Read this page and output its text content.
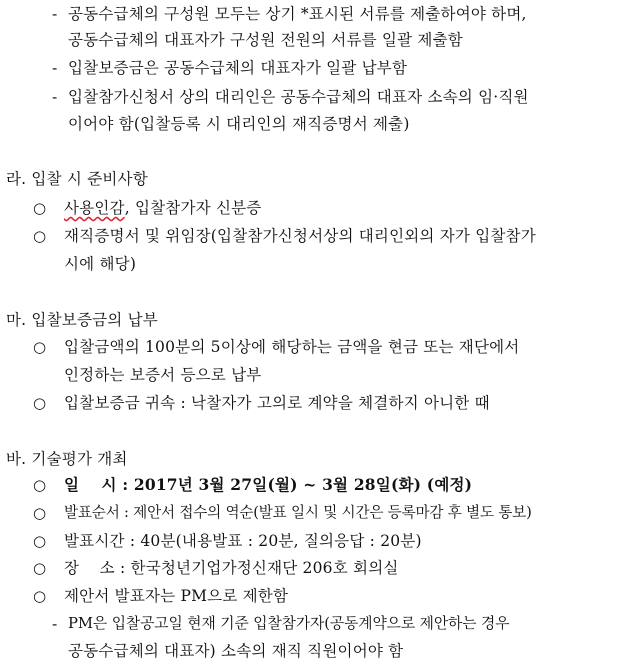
- 공동수급체의 구성원 모두는 상기 *표시된 서류를 제출하여야 하며,
공동수급체의 대표자가 구성원 전원의 서류를 일괄 제출함
- 입찰보증금은 공동수급체의 대표자가 일괄 납부함
- 입찰참가신청서 상의 대리인은 공동수급체의 대표자 소속의 임·직원
이어야 함(입찰등록 시 대리인의 재직증명서 제출)
라. 입찰 시 준비사항
○ 사용인감, 입찰참가자 신분증
○ 재직증명서 및 위임장(입찰참가신청서상의 대리인외의 자가 입찰참가
시에 해당)
마. 입찰보증금의 납부
○ 입찰금액의 100분의 5이상에 해당하는 금액을 현금 또는 재단에서
인정하는 보증서 등으로 납부
○ 입찰보증금 귀속 : 낙찰자가 고의로 계약을 체결하지 아니한 때
바. 기술평가 개최
○ 일    시 : 2017년 3월 27일(월) ~ 3월 28일(화) (예정)
○ 발표순서 : 제안서 접수의 역순(발표 일시 및 시간은 등록마감 후 별도 통보)
○ 발표시간 : 40분(내용발표 : 20분, 질의응답 : 20분)
○ 장    소 : 한국청년기업가정신재단 206호 회의실
○ 제안서 발표자는 PM으로 제한함
- PM은 입찰공고일 현재 기준 입찰참가자(공동계약으로 제안하는 경우
공동수급체의 대표자) 소속의 재직 직원이어야 함
